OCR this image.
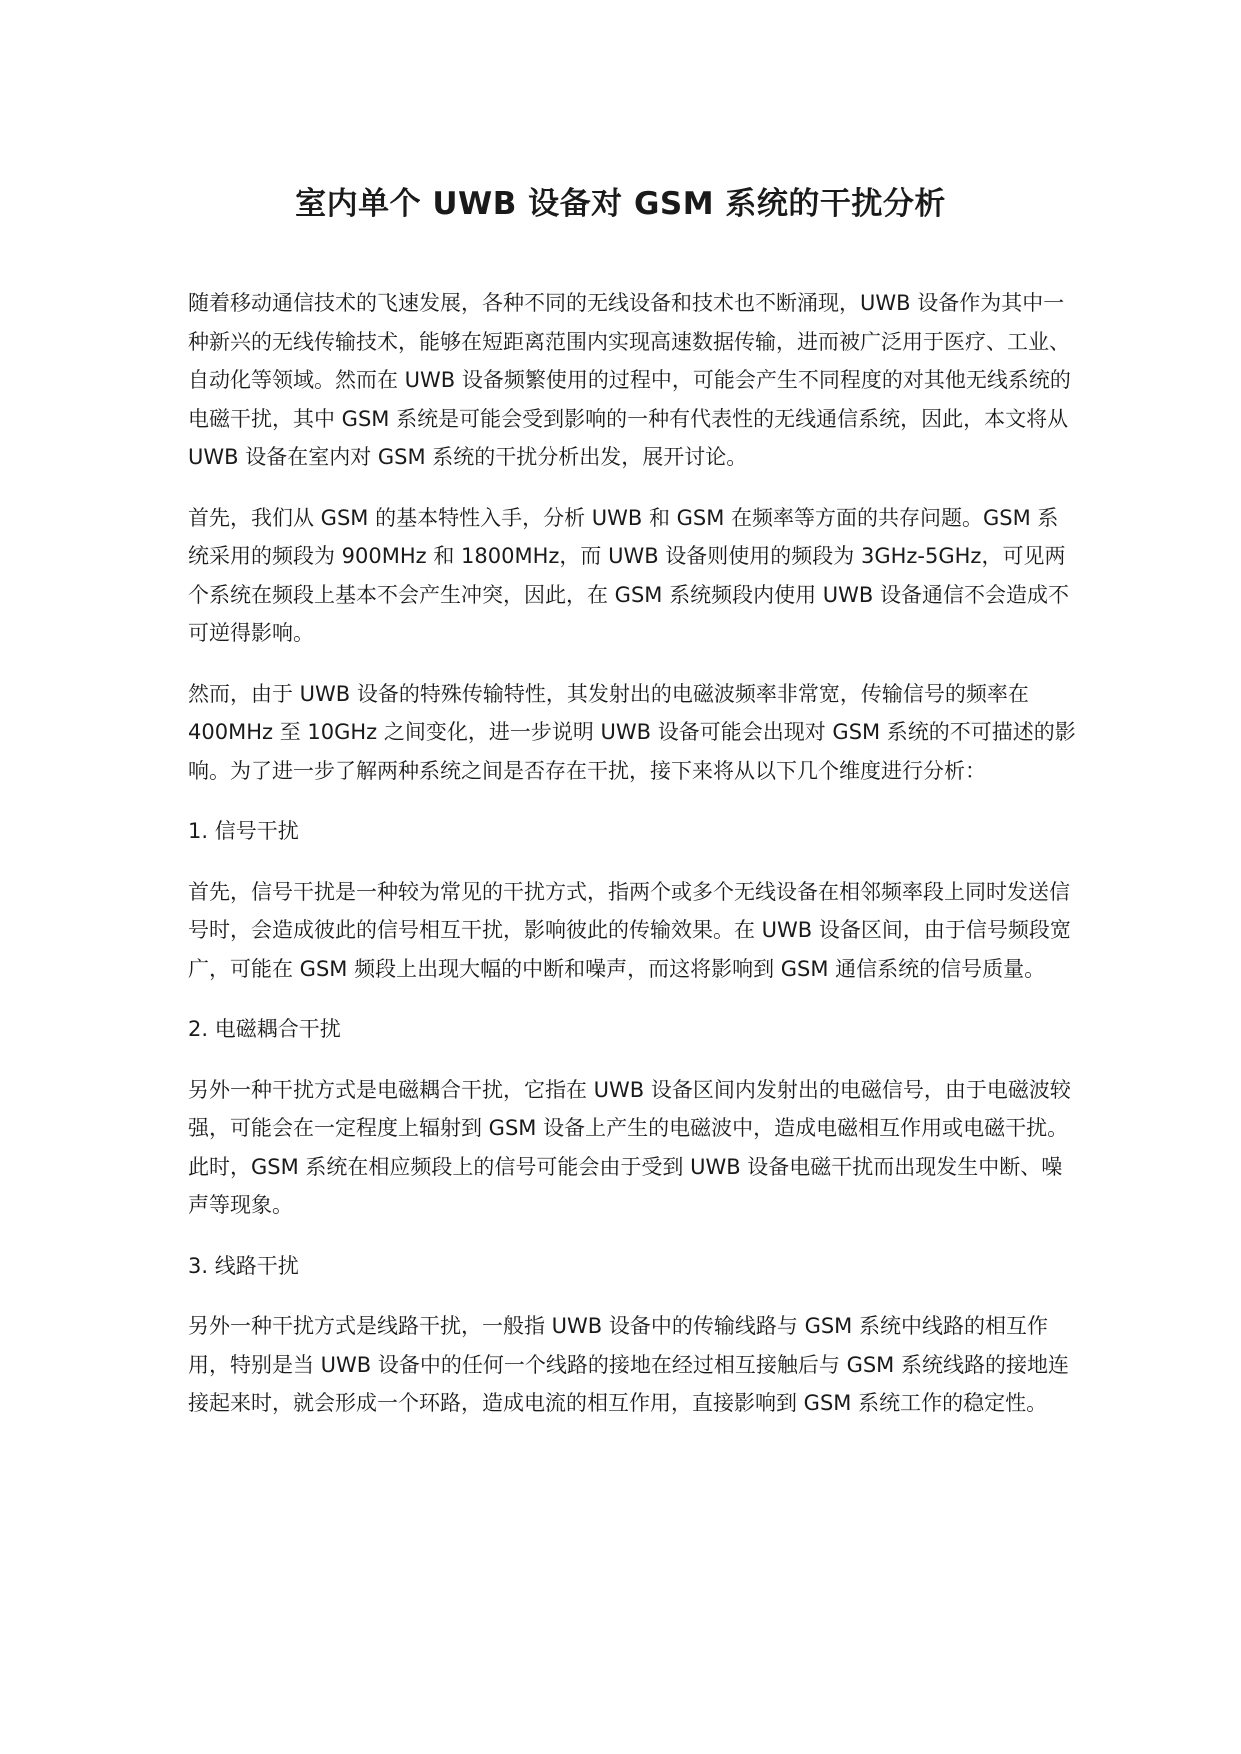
室内单个 UWB 设备对 GSM 系统的干扰分析

随着移动通信技术的飞速发展，各种不同的无线设备和技术也不断涌现，UWB 设备作为其中一种新兴的无线传输技术，能够在短距离范围内实现高速数据传输，进而被广泛用于医疗、工业、自动化等领域。然而在 UWB 设备频繁使用的过程中，可能会产生不同程度的对其他无线系统的电磁干扰，其中 GSM 系统是可能会受到影响的一种有代表性的无线通信系统，因此，本文将从 UWB 设备在室内对 GSM 系统的干扰分析出发，展开讨论。

首先，我们从 GSM 的基本特性入手，分析 UWB 和 GSM 在频率等方面的共存问题。GSM 系统采用的频段为 900MHz 和 1800MHz，而 UWB 设备则使用的频段为 3GHz-5GHz，可见两个系统在频段上基本不会产生冲突，因此，在 GSM 系统频段内使用 UWB 设备通信不会造成不可逆得影响。

然而，由于 UWB 设备的特殊传输特性，其发射出的电磁波频率非常宽，传输信号的频率在 400MHz 至 10GHz 之间变化，进一步说明 UWB 设备可能会出现对 GSM 系统的不可描述的影响。为了进一步了解两种系统之间是否存在干扰，接下来将从以下几个维度进行分析：

1. 信号干扰

首先，信号干扰是一种较为常见的干扰方式，指两个或多个无线设备在相邻频率段上同时发送信号时，会造成彼此的信号相互干扰，影响彼此的传输效果。在 UWB 设备区间，由于信号频段宽广，可能在 GSM 频段上出现大幅的中断和噪声，而这将影响到 GSM 通信系统的信号质量。

2. 电磁耦合干扰

另外一种干扰方式是电磁耦合干扰，它指在 UWB 设备区间内发射出的电磁信号，由于电磁波较强，可能会在一定程度上辐射到 GSM 设备上产生的电磁波中，造成电磁相互作用或电磁干扰。此时，GSM 系统在相应频段上的信号可能会由于受到 UWB 设备电磁干扰而出现发生中断、噪声等现象。

3. 线路干扰

另外一种干扰方式是线路干扰，一般指 UWB 设备中的传输线路与 GSM 系统中线路的相互作用，特别是当 UWB 设备中的任何一个线路的接地在经过相互接触后与 GSM 系统线路的接地连接起来时，就会形成一个环路，造成电流的相互作用，直接影响到 GSM 系统工作的稳定性。
